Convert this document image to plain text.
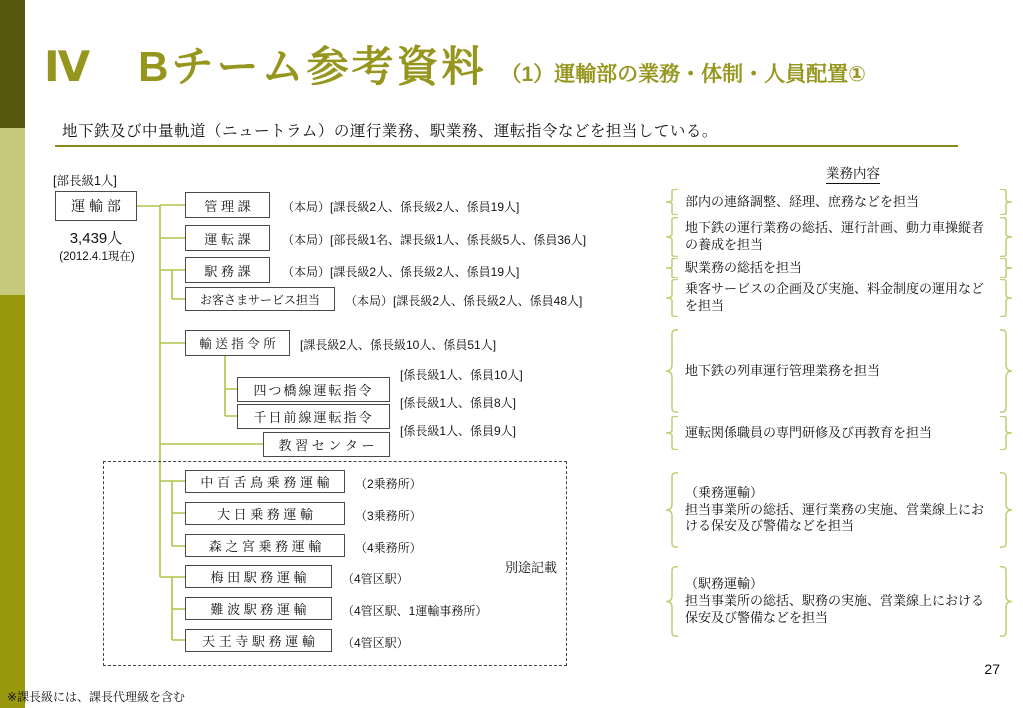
Ⅳ　Bチーム参考資料 （1）運輸部の業務・体制・人員配置①
地下鉄及び中量軌道（ニュートラム）の運行業務、駅業務、運転指令などを担当している。
別途記載
[部長級1人]
運 輸 部
3,439人
(2012.4.1現在)
管 理 課	（本局）[課長級2人、係長級2人、係員19人]
運 転 課	（本局）[部長級1名、課長級1人、係長級5人、係員36人]
駅 務 課	（本局）[課長級2人、係長級2人、係員19人]
お客さまサービス担当	（本局）[課長級2人、係長級2人、係員48人]
輸 送 指 令 所	[課長級2人、係長級10人、係員51人]
四つ橋線運転指令
[係長級1人、係員10人]
千日前線運転指令
[係長級1人、係員8人]
教 習 セ ン タ ー
[係長級1人、係員9人]
中 百 舌 鳥 乗 務 運 輸	（2乗務所）
大 日 乗 務 運 輸	（3乗務所）
森 之 宮 乗 務 運 輸	（4乗務所）
梅 田 駅 務 運 輸	（4管区駅）
難 波 駅 務 運 輸	（4管区駅、1運輸事務所）
天 王 寺 駅 務 運 輸	（4管区駅）
業務内容
部内の連絡調整、経理、庶務などを担当
地下鉄の運行業務の総括、運行計画、動力車操縦者の養成を担当
駅業務の総括を担当
乗客サービスの企画及び実施、料金制度の運用などを担当
地下鉄の列車運行管理業務を担当
運転関係職員の専門研修及び再教育を担当
（乗務運輸）
担当事業所の総括、運行業務の実施、営業線上における保安及び警備などを担当
（駅務運輸）
担当事業所の総括、駅務の実施、営業線上における保安及び警備などを担当
※課長級には、課長代理級を含む
27
